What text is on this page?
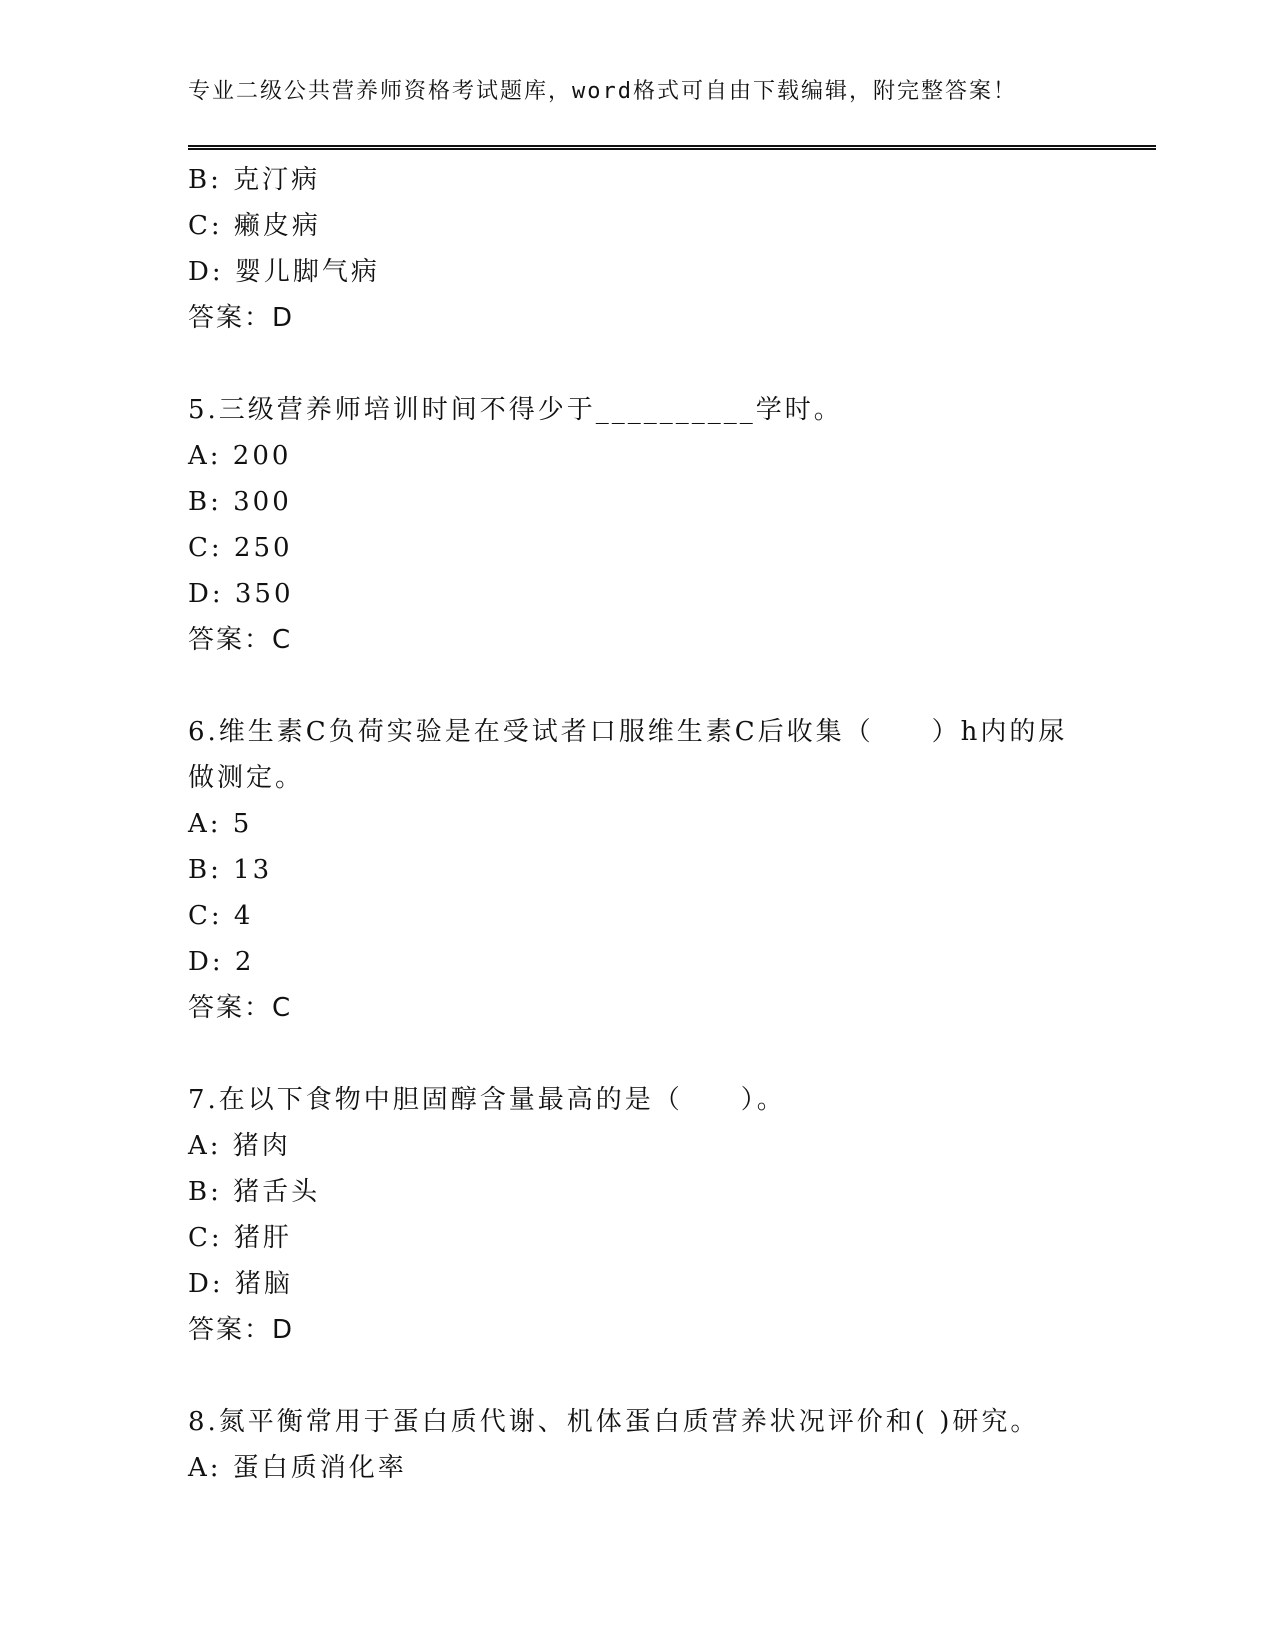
专业二级公共营养师资格考试题库，word格式可自由下载编辑，附完整答案！
B: 克汀病
C: 癞皮病
D: 婴儿脚气病
答案：D
5.三级营养师培训时间不得少于__________学时。
A: 200
B: 300
C: 250
D: 350
答案：C
6.维生素C负荷实验是在受试者口服维生素C后收集（　　）h内的尿
做测定。
A: 5
B: 13
C: 4
D: 2
答案：C
7.在以下食物中胆固醇含量最高的是（　　）。
A: 猪肉
B: 猪舌头
C: 猪肝
D: 猪脑
答案：D
8.氮平衡常用于蛋白质代谢、机体蛋白质营养状况评价和( )研究。
A: 蛋白质消化率
